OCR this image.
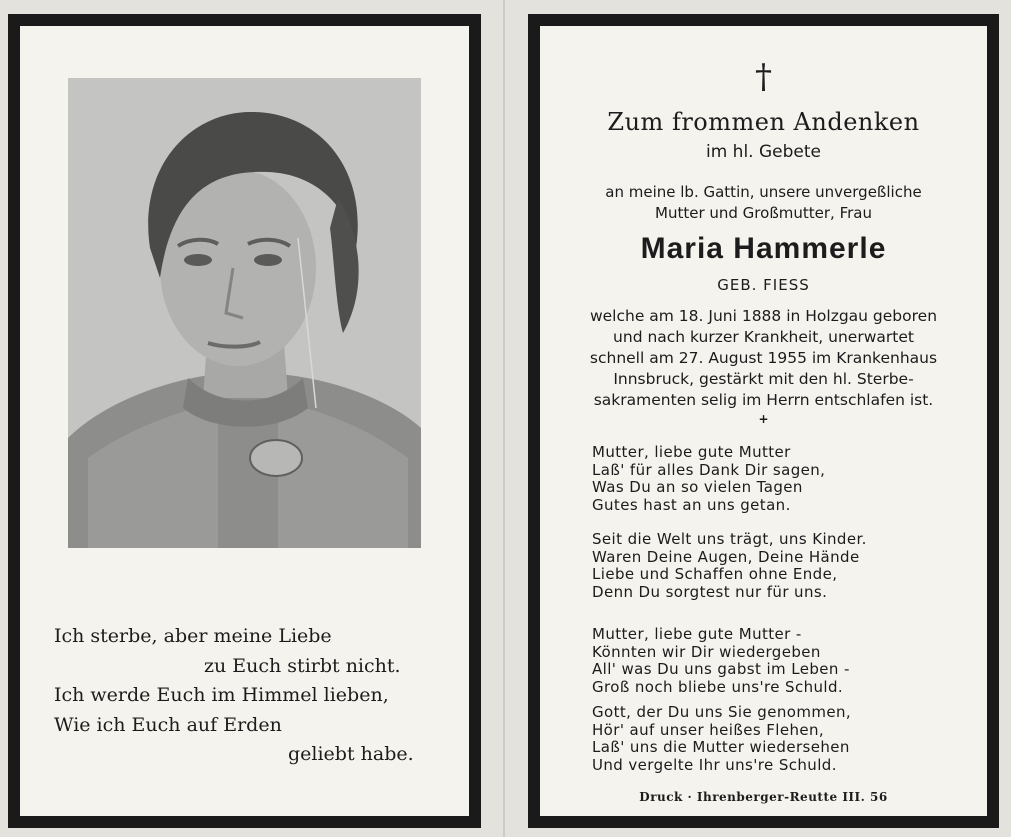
Ich sterbe, aber meine Liebe
zu Euch stirbt nicht.
Ich werde Euch im Himmel lieben,
Wie ich Euch auf Erden
geliebt habe.
†
Zum frommen Andenken
im hl. Gebete
an meine lb. Gattin, unsere unvergeßliche
Mutter und Großmutter, Frau
Maria Hammerle
GEB. FIESS
welche am 18. Juni 1888 in Holzgau geboren
und nach kurzer Krankheit, unerwartet
schnell am 27. August 1955 im Krankenhaus
Innsbruck, gestärkt mit den hl. Sterbe-
sakramenten selig im Herrn entschlafen ist.
+
Mutter, liebe gute Mutter
Laß' für alles Dank Dir sagen,
Was Du an so vielen Tagen
Gutes hast an uns getan.
Seit die Welt uns trägt, uns Kinder.
Waren Deine Augen, Deine Hände
Liebe und Schaffen ohne Ende,
Denn Du sorgtest nur für uns.
Mutter, liebe gute Mutter -
Könnten wir Dir wiedergeben
All' was Du uns gabst im Leben -
Groß noch bliebe uns're Schuld.
Gott, der Du uns Sie genommen,
Hör' auf unser heißes Flehen,
Laß' uns die Mutter wiedersehen
Und vergelte Ihr uns're Schuld.
Druck · Ihrenberger-Reutte III. 56
